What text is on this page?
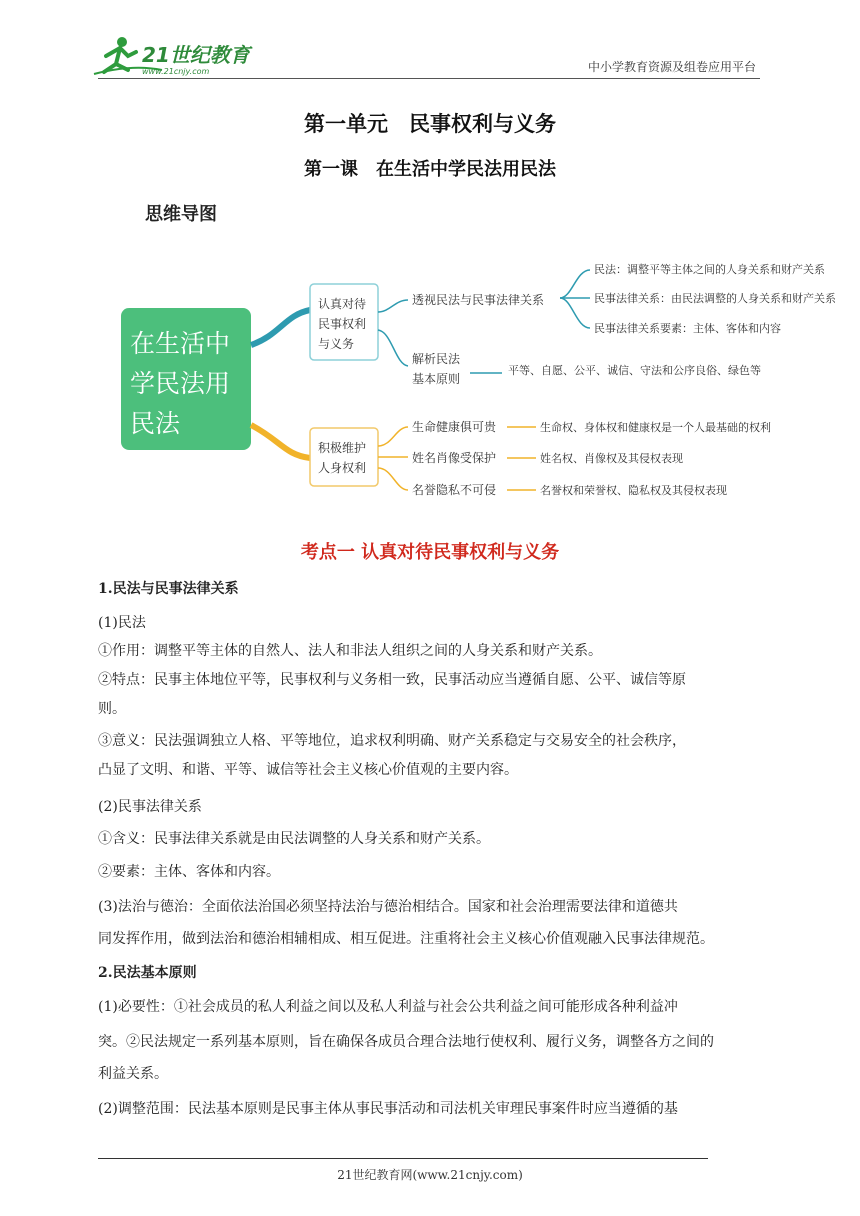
21世纪教育
www.21cnjy.com	中小学教育资源及组卷应用平台
第一单元　民事权利与义务
第一课　在生活中学民法用民法
思维导图
在生活中
学民法用
民法
认真对待
民事权利
与义务
积极维护
人身权利
透视民法与民事法律关系
解析民法
基本原则
民法：调整平等主体之间的人身关系和财产关系
民事法律关系：由民法调整的人身关系和财产关系
民事法律关系要素：主体、客体和内容
平等、自愿、公平、诚信、守法和公序良俗、绿色等
生命健康俱可贵
姓名肖像受保护
名誉隐私不可侵
生命权、身体权和健康权是一个人最基础的权利
姓名权、肖像权及其侵权表现
名誉权和荣誉权、隐私权及其侵权表现
考点一 认真对待民事权利与义务
1.民法与民事法律关系
(1)民法
①作用：调整平等主体的自然人、法人和非法人组织之间的人身关系和财产关系。
②特点：民事主体地位平等，民事权利与义务相一致，民事活动应当遵循自愿、公平、诚信等原
则。
③意义：民法强调独立人格、平等地位，追求权利明确、财产关系稳定与交易安全的社会秩序，
凸显了文明、和谐、平等、诚信等社会主义核心价值观的主要内容。
(2)民事法律关系
①含义：民事法律关系就是由民法调整的人身关系和财产关系。
②要素：主体、客体和内容。
(3)法治与德治：全面依法治国必须坚持法治与德治相结合。国家和社会治理需要法律和道德共
同发挥作用，做到法治和德治相辅相成、相互促进。注重将社会主义核心价值观融入民事法律规范。
2.民法基本原则
(1)必要性：①社会成员的私人利益之间以及私人利益与社会公共利益之间可能形成各种利益冲
突。②民法规定一系列基本原则，旨在确保各成员合理合法地行使权利、履行义务，调整各方之间的
利益关系。
(2)调整范围：民法基本原则是民事主体从事民事活动和司法机关审理民事案件时应当遵循的基
21世纪教育网(www.21cnjy.com)
